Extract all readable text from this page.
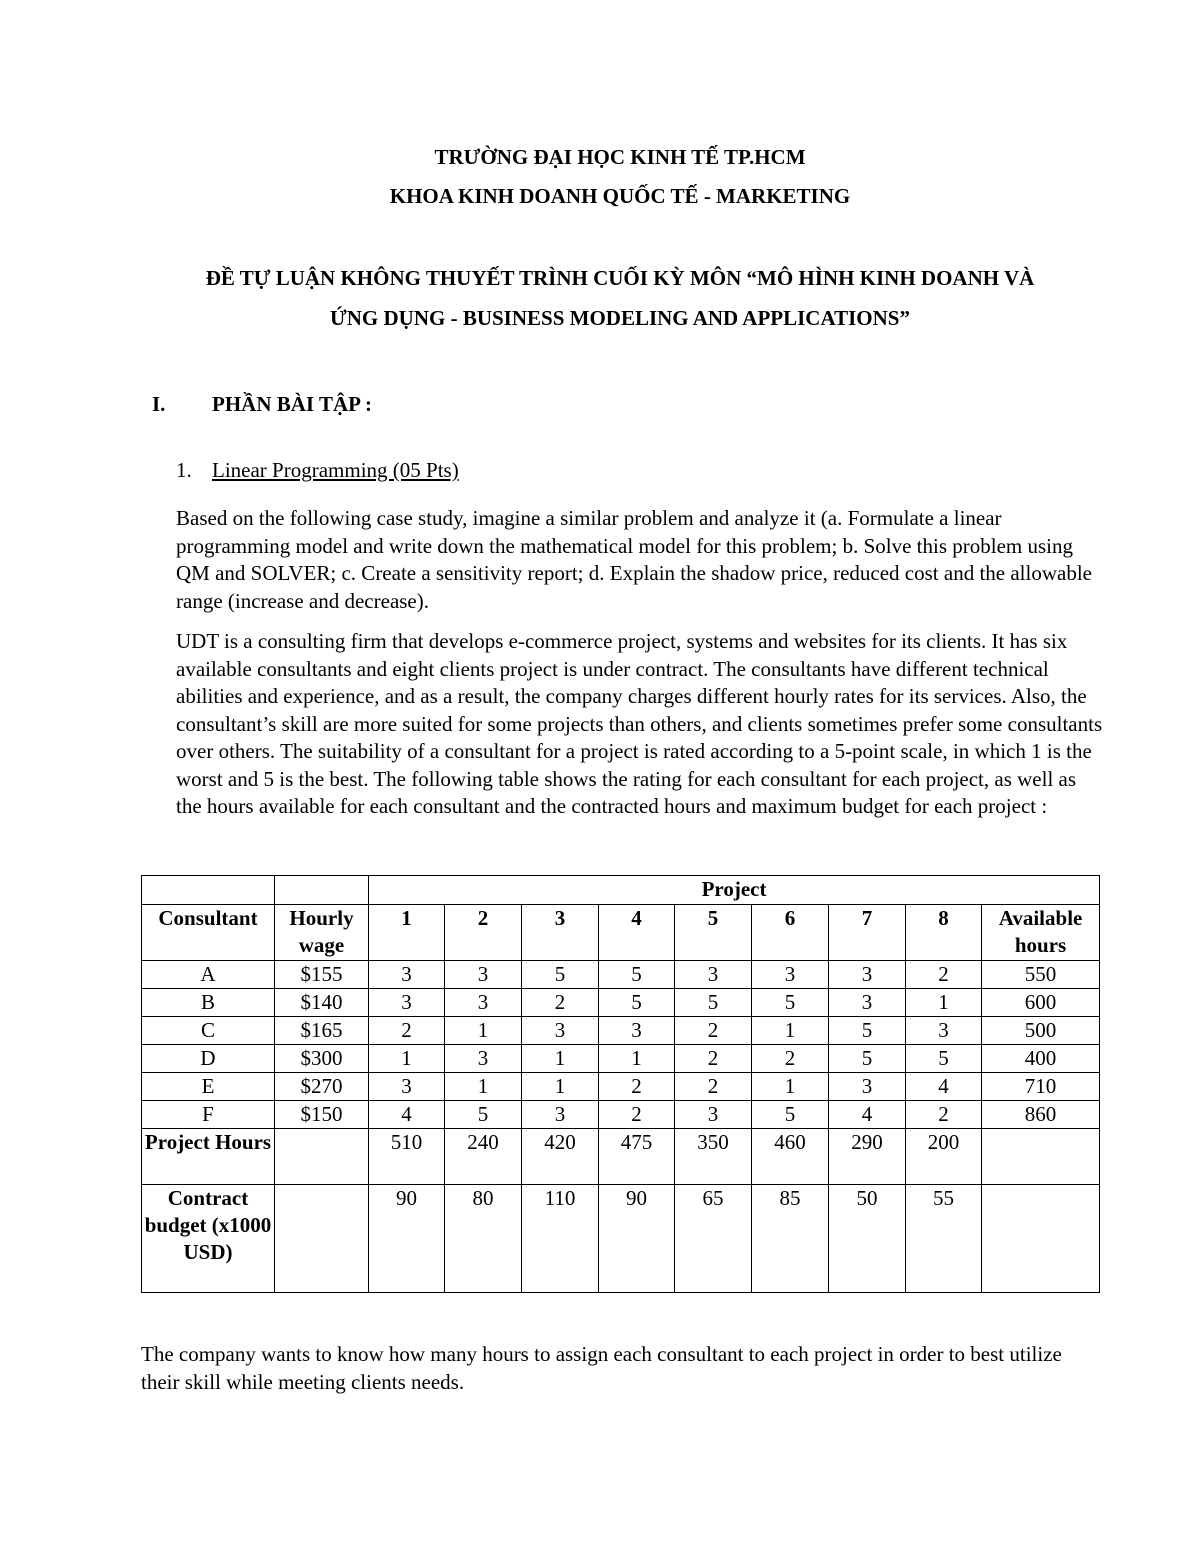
TRƯỜNG ĐẠI HỌC KINH TẾ TP.HCM
KHOA KINH DOANH QUỐC TẾ - MARKETING
ĐỀ TỰ LUẬN KHÔNG THUYẾT TRÌNH CUỐI KỲ MÔN “MÔ HÌNH KINH DOANH VÀ
ỨNG DỤNG - BUSINESS MODELING AND APPLICATIONS”
I. PHẦN BÀI TẬP :
1. Linear Programming (05 Pts)
Based on the following case study, imagine a similar problem and analyze it (a. Formulate a linear programming model and write down the mathematical model for this problem; b. Solve this problem using QM and SOLVER; c. Create a sensitivity report; d. Explain the shadow price, reduced cost and the allowable range (increase and decrease).
UDT is a consulting firm that develops e-commerce project, systems and websites for its clients. It has six available consultants and eight clients project is under contract. The consultants have different technical abilities and experience, and as a result, the company charges different hourly rates for its services. Also, the consultant’s skill are more suited for some projects than others, and clients sometimes prefer some consultants over others. The suitability of a consultant for a project is rated according to a 5-point scale, in which 1 is the worst and 5 is the best. The following table shows the rating for each consultant for each project, as well as the hours available for each consultant and the contracted hours and maximum budget for each project :
		Project								
Consultant	Hourly wage	1	2	3	4	5	6	7	8	Available hours
A	$155	3	3	5	5	3	3	3	2	550
B	$140	3	3	2	5	5	5	3	1	600
C	$165	2	1	3	3	2	1	5	3	500
D	$300	1	3	1	1	2	2	5	5	400
E	$270	3	1	1	2	2	1	3	4	710
F	$150	4	5	3	2	3	5	4	2	860
Project Hours		510	240	420	475	350	460	290	200	
Contract budget (x1000 USD)		90	80	110	90	65	85	50	55	
The company wants to know how many hours to assign each consultant to each project in order to best utilize their skill while meeting clients needs.
